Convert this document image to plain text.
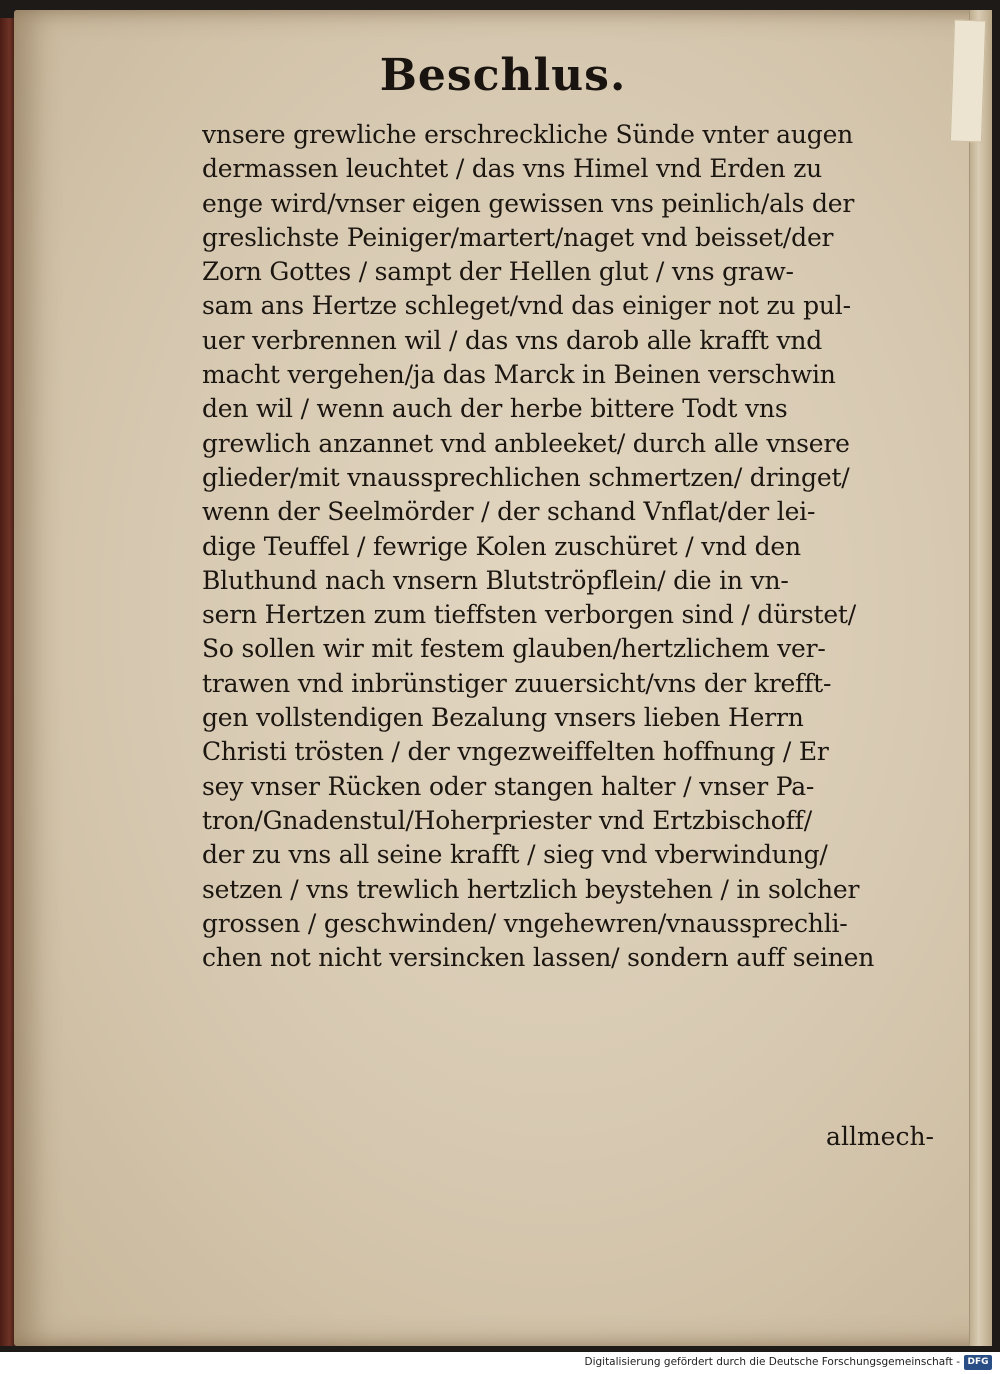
Beschlus.
vnsere grewliche erschreckliche Sünde vnter augen
dermassen leuchtet / das vns Himel vnd Erden zu
enge wird/vnser eigen gewissen vns peinlich/als der
greslichste Peiniger/martert/naget vnd beisset/der
Zorn Gottes / sampt der Hellen glut / vns graw-
sam ans Hertze schleget/vnd das einiger not zu pul-
uer verbrennen wil / das vns darob alle krafft vnd
macht vergehen/ja das Marck in Beinen verschwin
den wil / wenn auch der herbe bittere Todt vns
grewlich anzannet vnd anbleeket/ durch alle vnsere
glieder/mit vnaussprechlichen schmertzen/ dringet/
wenn der Seelmörder / der schand Vnflat/der lei-
dige Teuffel / fewrige Kolen zuschüret / vnd den
Bluthund nach vnsern Blutströpflein/ die in vn-
sern Hertzen zum tieffsten verborgen sind / dürstet/
So sollen wir mit festem glauben/hertzlichem ver-
trawen vnd inbrünstiger zuuersicht/vns der krefft-
gen vollstendigen Bezalung vnsers lieben Herrn
Christi trösten / der vngezweiffelten hoffnung / Er
sey vnser Rücken oder stangen halter / vnser Pa-
tron/Gnadenstul/Hoherpriester vnd Ertzbischoff/
der zu vns all seine krafft / sieg vnd vberwindung/
setzen / vns trewlich hertzlich beystehen / in solcher
grossen / geschwinden/ vngehewren/vnaussprechli-
chen not nicht versincken lassen/ sondern auff seinen
allmech-
Digitalisierung gefördert durch die Deutsche Forschungsgemeinschaft - DFG
